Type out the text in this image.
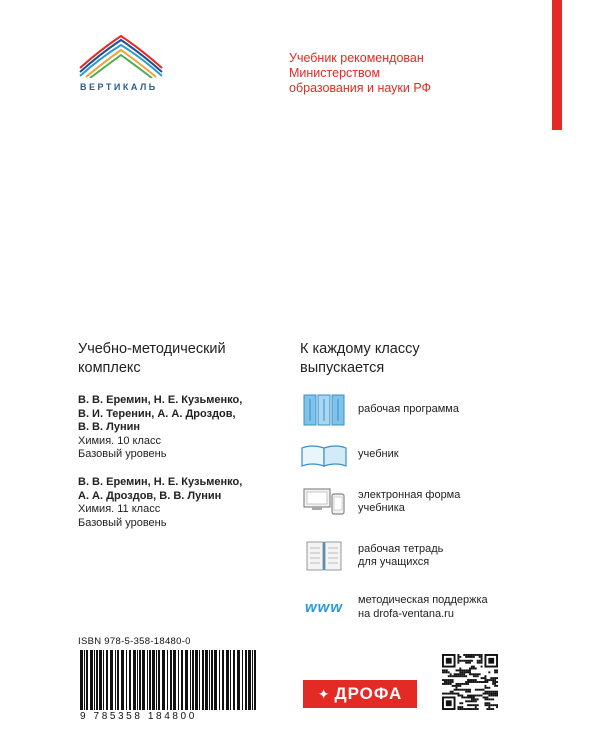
ВЕРТИКАЛЬ
Учебник рекомендован
Министерством
образования и науки РФ
Учебно-методический
комплекс
В. В. Еремин, Н. Е. Кузьменко,
В. И. Теренин, А. А. Дроздов,
В. В. Лунин
Химия. 10 класс
Базовый уровень
В. В. Еремин, Н. Е. Кузьменко,
А. А. Дроздов, В. В. Лунин
Химия. 11 класс
Базовый уровень
К каждому классу
выпускается
рабочая программа
учебник
электронная форма
учебника
рабочая тетрадь
для учащихся
www методическая поддержка
на drofa-ventana.ru
ISBN 978-5-358-18480-0
9 785358 184800
✦ ДРОФА
